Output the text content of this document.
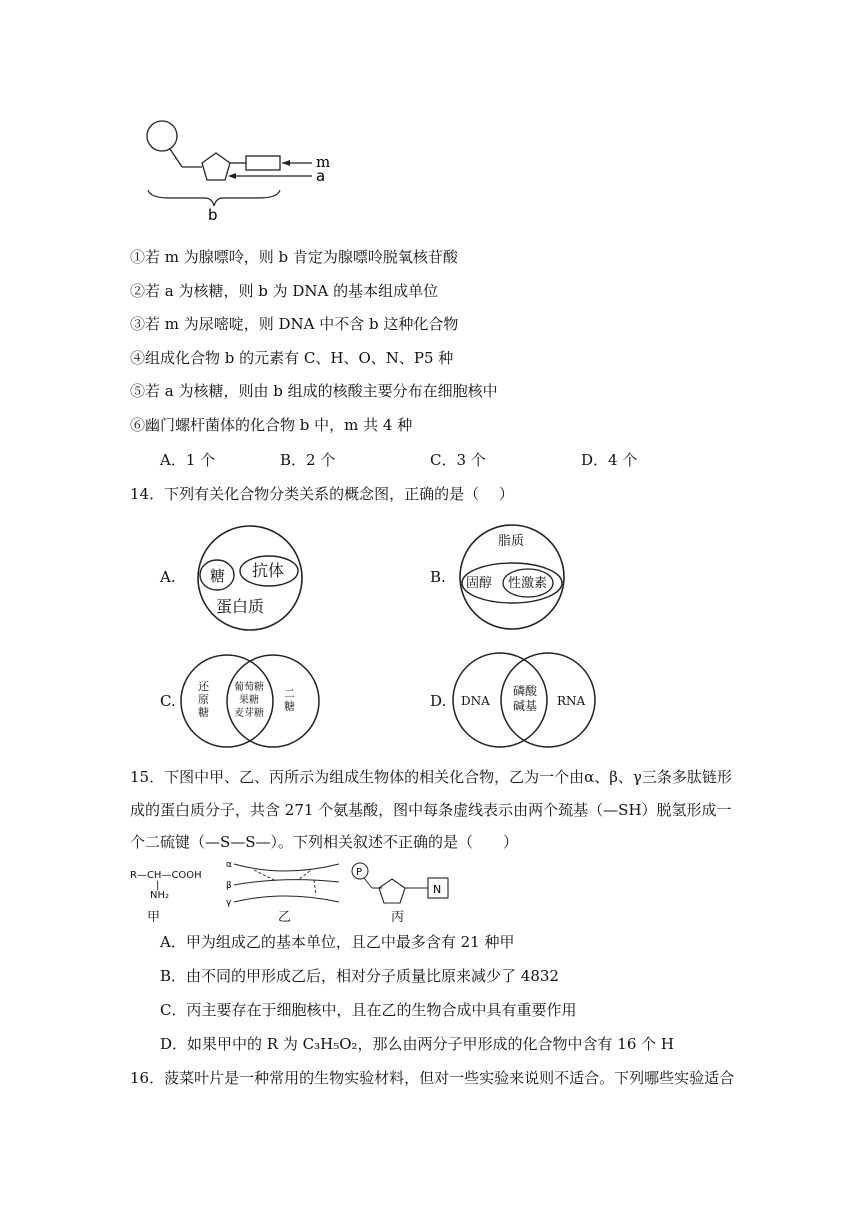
m
a
b
①若 m 为腺嘌呤，则 b 肯定为腺嘌呤脱氧核苷酸
②若 a 为核糖，则 b 为 DNA 的基本组成单位
③若 m 为尿嘧啶，则 DNA 中不含 b 这种化合物
④组成化合物 b 的元素有 C、H、O、N、P5 种
⑤若 a 为核糖，则由 b 组成的核酸主要分布在细胞核中
⑥幽门螺杆菌体的化合物 b 中，m 共 4 种
A．1 个	B．2 个	C．3 个	D．4 个
14．下列有关化合物分类关系的概念图，正确的是（　 ）
A. 糖 抗体
蛋白质
B.
脂质
固醇 性激素
C.
还
原
糖
葡萄糖
果糖
麦芽糖
二
糖	D. DNA
磷酸
碱基	RNA
15．下图中甲、乙、丙所示为组成生物体的相关化合物，乙为一个由α、β、γ三条多肽链形
成的蛋白质分子，共含 271 个氨基酸，图中每条虚线表示由两个巯基（—SH）脱氢形成一
个二硫键（—S—S—）。下列相关叙述不正确的是（　　）
R—CH—COOH
|
NH₂
甲
α
β
γ
乙
P
N
丙
A．甲为组成乙的基本单位，且乙中最多含有 21 种甲
B．由不同的甲形成乙后，相对分子质量比原来减少了 4832
C．丙主要存在于细胞核中，且在乙的生物合成中具有重要作用
D．如果甲中的 R 为 C₃H₅O₂，那么由两分子甲形成的化合物中含有 16 个 H
16．菠菜叶片是一种常用的生物实验材料，但对一些实验来说则不适合。下列哪些实验适合
